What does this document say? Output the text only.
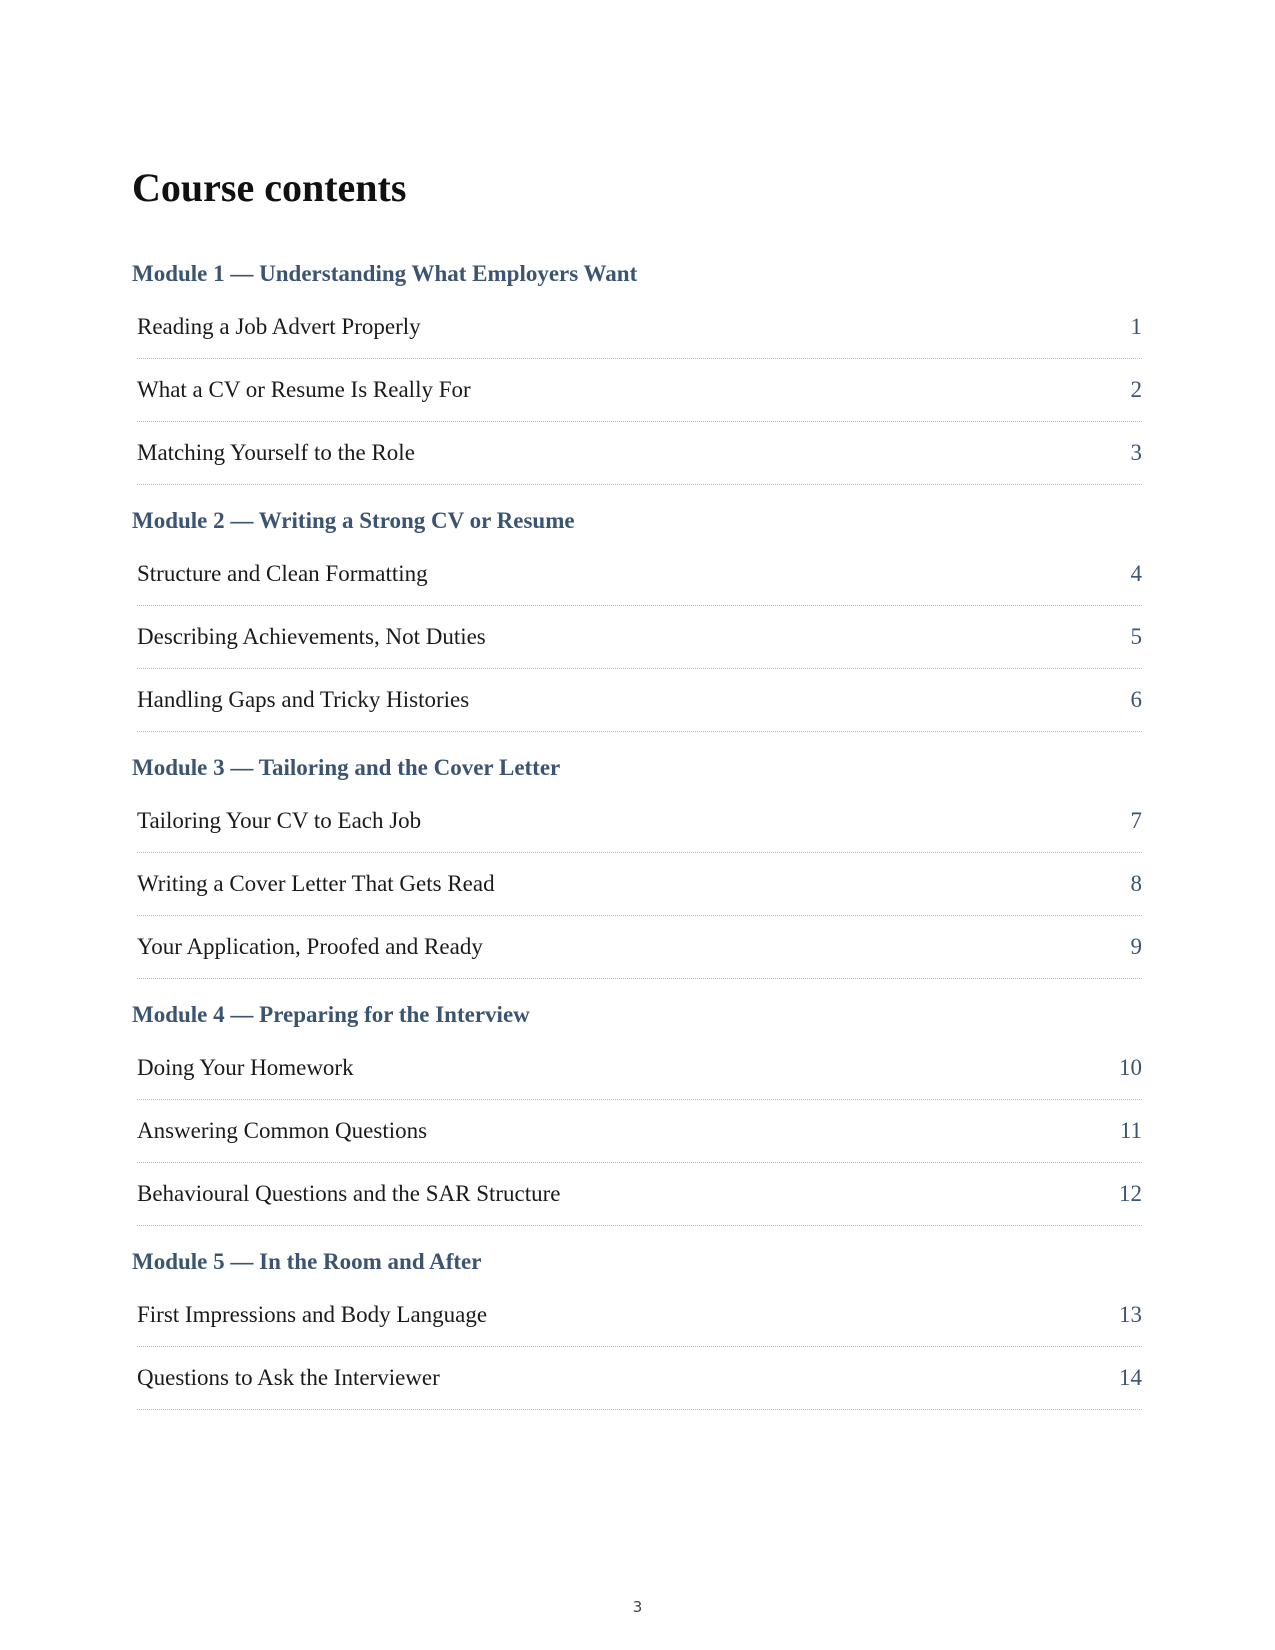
Course contents
Module 1 — Understanding What Employers Want
Reading a Job Advert Properly	1
What a CV or Resume Is Really For	2
Matching Yourself to the Role	3
Module 2 — Writing a Strong CV or Resume
Structure and Clean Formatting	4
Describing Achievements, Not Duties	5
Handling Gaps and Tricky Histories	6
Module 3 — Tailoring and the Cover Letter
Tailoring Your CV to Each Job	7
Writing a Cover Letter That Gets Read	8
Your Application, Proofed and Ready	9
Module 4 — Preparing for the Interview
Doing Your Homework	10
Answering Common Questions	11
Behavioural Questions and the SAR Structure	12
Module 5 — In the Room and After
First Impressions and Body Language	13
Questions to Ask the Interviewer	14
3
